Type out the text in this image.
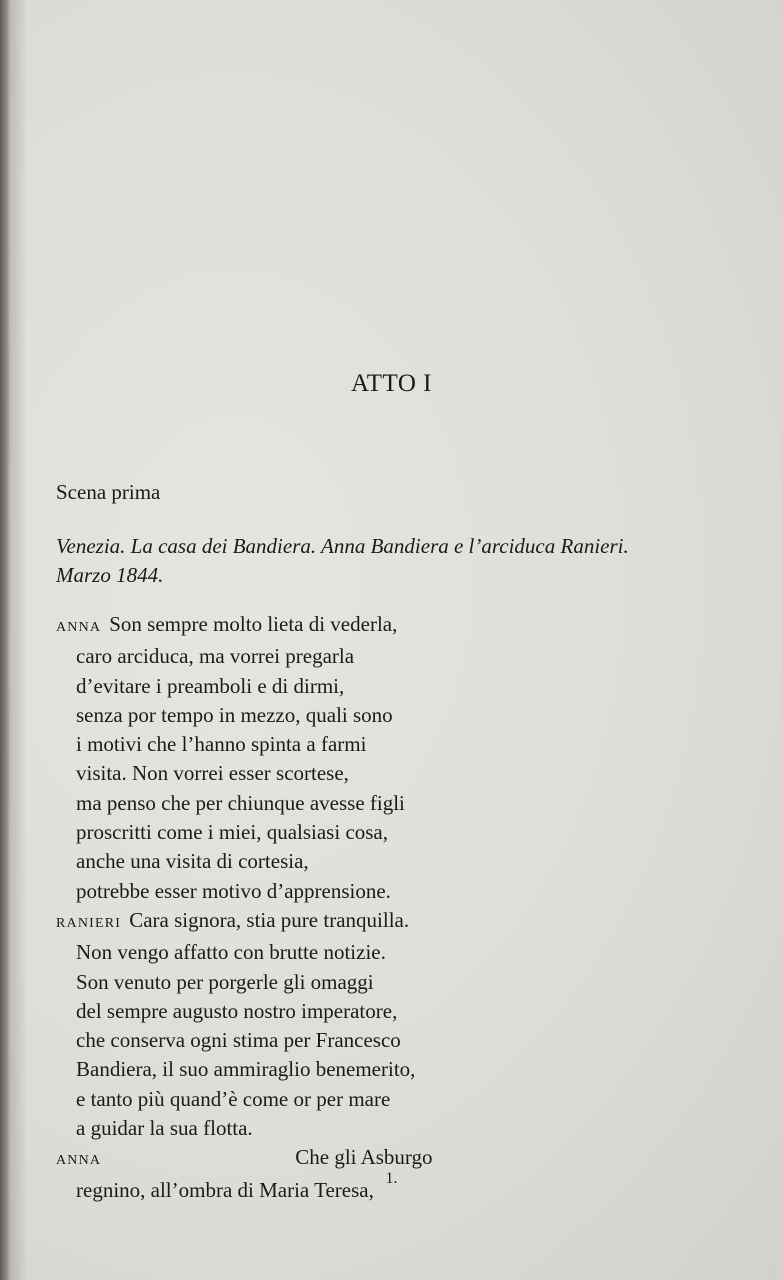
ATTO I
Scena prima
Venezia. La casa dei Bandiera. Anna Bandiera e l’arciduca Ranieri.
Marzo 1844.
ANNA Son sempre molto lieta di vederla,
caro arciduca, ma vorrei pregarla
d’evitare i preamboli e di dirmi,
senza por tempo in mezzo, quali sono
i motivi che l’hanno spinta a farmi
visita. Non vorrei esser scortese,
ma penso che per chiunque avesse figli
proscritti come i miei, qualsiasi cosa,
anche una visita di cortesia,
potrebbe esser motivo d’apprensione.
RANIERI Cara signora, stia pure tranquilla.
Non vengo affatto con brutte notizie.
Son venuto per porgerle gli omaggi
del sempre augusto nostro imperatore,
che conserva ogni stima per Francesco
Bandiera, il suo ammiraglio benemerito,
e tanto più quand’è come or per mare
a guidar la sua flotta.
ANNA	Che gli Asburgo
regnino, all’ombra di Maria Teresa, 1.
